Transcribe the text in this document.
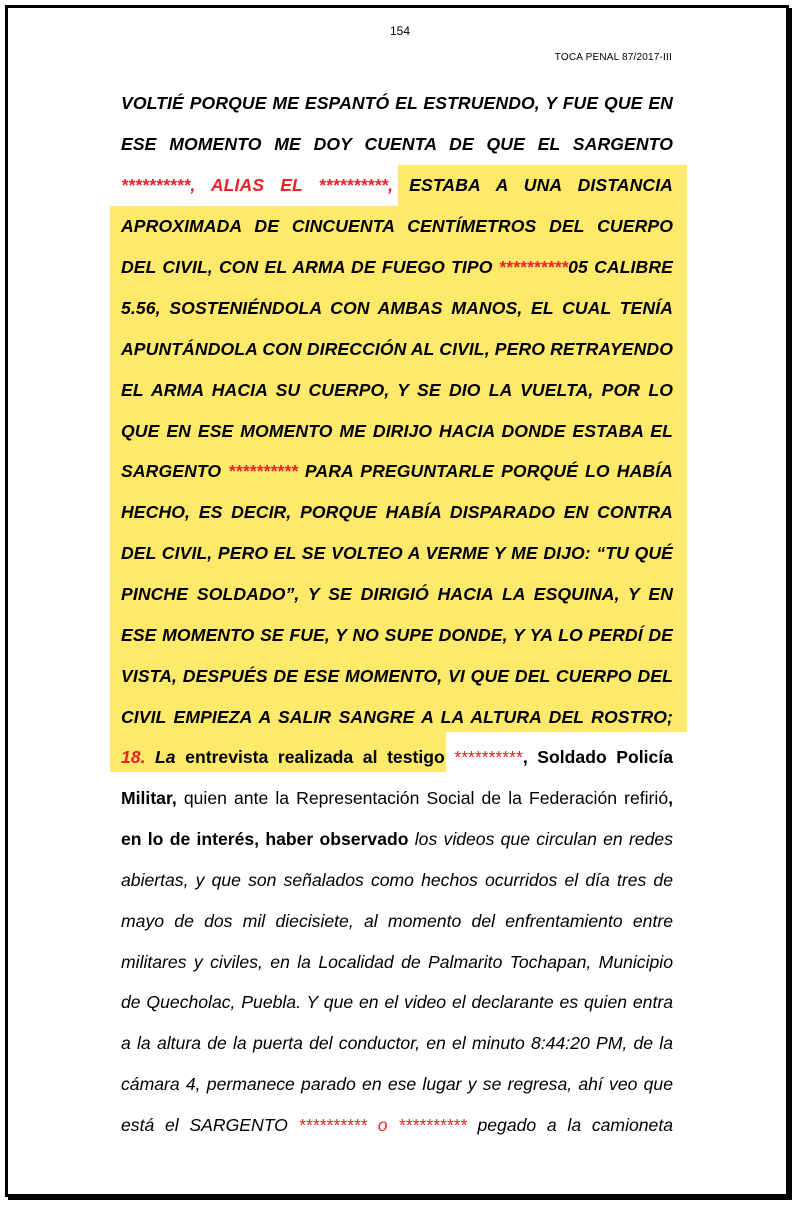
154
TOCA PENAL 87/2017-III
VOLTIÉ PORQUE ME ESPANTÓ EL ESTRUENDO, Y FUE QUE EN
ESE MOMENTO ME DOY CUENTA DE QUE EL SARGENTO
**********, ALIAS EL **********, ESTABA A UNA DISTANCIA
APROXIMADA DE CINCUENTA CENTÍMETROS DEL CUERPO
DEL CIVIL, CON EL ARMA DE FUEGO TIPO **********05 CALIBRE
5.56, SOSTENIÉNDOLA CON AMBAS MANOS, EL CUAL TENÍA
APUNTÁNDOLA CON DIRECCIÓN AL CIVIL, PERO RETRAYENDO
EL ARMA HACIA SU CUERPO, Y SE DIO LA VUELTA, POR LO
QUE EN ESE MOMENTO ME DIRIJO HACIA DONDE ESTABA EL
SARGENTO ********** PARA PREGUNTARLE PORQUÉ LO HABÍA
HECHO, ES DECIR, PORQUE HABÍA DISPARADO EN CONTRA
DEL CIVIL, PERO EL SE VOLTEO A VERME Y ME DIJO: “TU QUÉ
PINCHE SOLDADO”, Y SE DIRIGIÓ HACIA LA ESQUINA, Y EN
ESE MOMENTO SE FUE, Y NO SUPE DONDE, Y YA LO PERDÍ DE
VISTA, DESPUÉS DE ESE MOMENTO, VI QUE DEL CUERPO DEL
CIVIL EMPIEZA A SALIR SANGRE A LA ALTURA DEL ROSTRO;
18. La entrevista realizada al testigo **********, Soldado Policía
Militar, quien ante la Representación Social de la Federación refirió,
en lo de interés, haber observado los videos que circulan en redes
abiertas, y que son señalados como hechos ocurridos el día tres de
mayo de dos mil diecisiete, al momento del enfrentamiento entre
militares y civiles, en la Localidad de Palmarito Tochapan, Municipio
de Quecholac, Puebla. Y que en el video el declarante es quien entra
a la altura de la puerta del conductor, en el minuto 8:44:20 PM, de la
cámara 4, permanece parado en ese lugar y se regresa, ahí veo que
está el SARGENTO ********** o ********** pegado a la camioneta
